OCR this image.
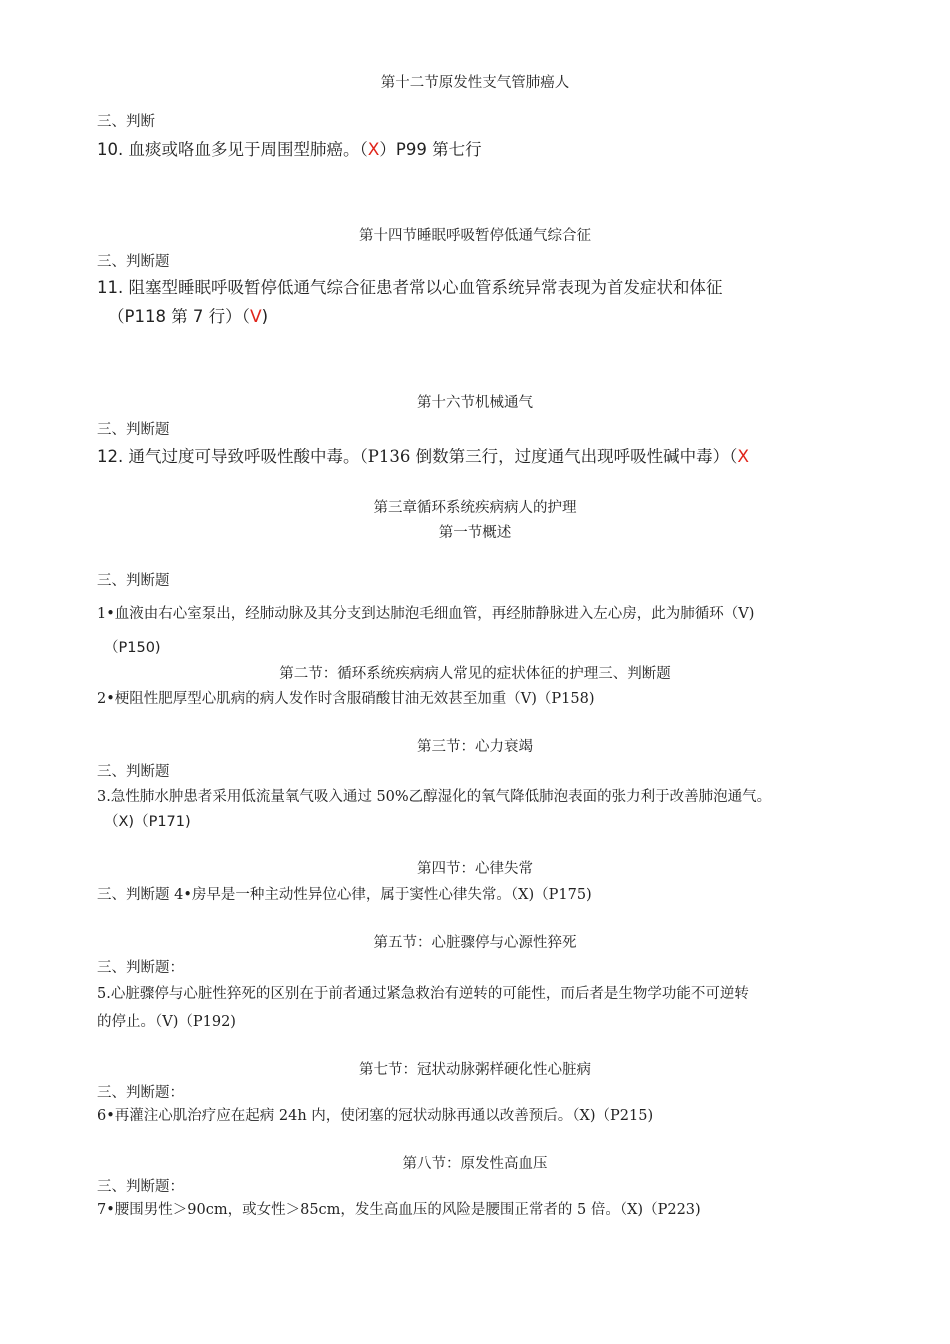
第十二节原发性支气管肺癌人
三、判断
10. 血痰或咯血多见于周围型肺癌。（X）P99 第七行
第十四节睡眠呼吸暂停低通气综合征
三、判断题
11. 阻塞型睡眠呼吸暂停低通气综合征患者常以心血管系统异常表现为首发症状和体征
（P118 第 7 行）（V)
第十六节机械通气
三、判断题
12. 通气过度可导致呼吸性酸中毒。（P136 倒数第三行，过度通气出现呼吸性碱中毒）（X
第三章循环系统疾病病人的护理
第一节概述
三、判断题
1•血液由右心室泵出，经肺动脉及其分支到达肺泡毛细血管，再经肺静脉进入左心房，此为肺循环（V)
（P150)
第二节：循环系统疾病病人常见的症状体征的护理三、判断题
2•梗阻性肥厚型心肌病的病人发作时含服硝酸甘油无效甚至加重（V)（P158)
第三节：心力衰竭
三、判断题
3.急性肺水肿患者采用低流量氧气吸入通过 50%乙醇湿化的氧气降低肺泡表面的张力利于改善肺泡通气。
（X)（P171)
第四节：心律失常
三、判断题 4•房早是一种主动性异位心律，属于窦性心律失常。（X)（P175)
第五节：心脏骤停与心源性猝死
三、判断题：
5.心脏骤停与心脏性猝死的区别在于前者通过紧急救治有逆转的可能性，而后者是生物学功能不可逆转
的停止。（V)（P192)
第七节：冠状动脉粥样硬化性心脏病
三、判断题：
6•再灌注心肌治疗应在起病 24h 内，使闭塞的冠状动脉再通以改善预后。（X)（P215)
第八节：原发性高血压
三、判断题：
7•腰围男性＞90cm，或女性＞85cm，发生高血压的风险是腰围正常者的 5 倍。（X)（P223)
